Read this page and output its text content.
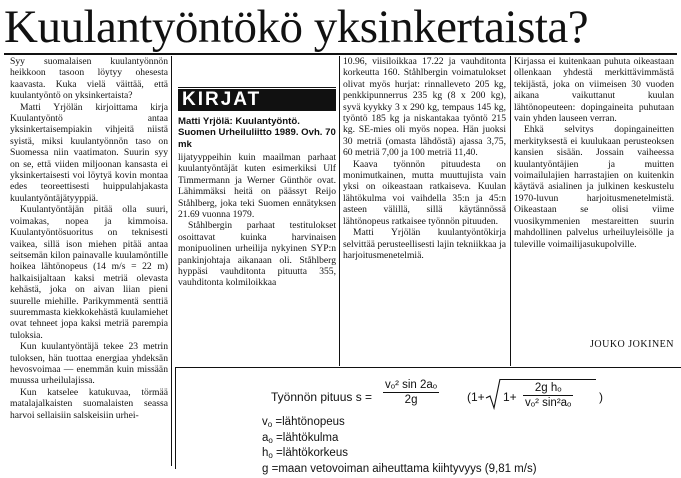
Kuulantyöntökö yksinkertaista?

Syy suomalaisen kuulantyönnön heikkoon tasoon löytyy ohesesta kaavasta. Kuka vielä väittää, että kuulantyöntö on yksinkertaista?

Matti Yrjölän kirjoittama kirja Kuulantyöntö antaa yksinkertaisempiakin vihjeitä niistä syistä, miksi kuulantyönnön taso on Suomessa niin vaatimaton. Suurin syy on se, että viiden miljoonan kansasta ei yksinkertaisesti voi löytyä kovin montaa edes teoreettisesti huippulahjakasta kuulantyöntäjätyyppiä.

Kuulantyöntäjän pitää olla suuri, voimakas, nopea ja kimmoisa. Kuulantyöntösuoritus on teknisesti vaikea, sillä ison miehen pitää antaa seitsemän kilon painavalle kuulamöntille hoikea lähtönopeus (14 m/s = 22 m) halkaisijaltaan kaksi metriä olevasta kehästä, joka on aivan liian pieni suurelle miehille. Parikymmentä senttiä suuremmasta kiekkokehästä kuulamiehet ovat tehneet jopa kaksi metriä parempia tuloksia.

Kun kuulantyöntäjä tekee 23 metrin tuloksen, hän tuottaa energiaa yhdeksän hevosvoimaa — enemmän kuin missään muussa urheilulajissa.

Kun katselee katukuvaa, törmää matalajalkaisten suomalaisten seassa harvoi sellaisiin salskeisiin urhei-

KIRJAT
Matti Yrjölä: Kuulantyöntö. Suomen Urheiluliitto 1989. Ovh. 70 mk

lijatyyppeihin kuin maailman parhaat kuulantyöntäjät kuten esimerkiksi Ulf Timmermann ja Werner Günthör ovat. Lähimmäksi heitä on päässyt Reijo Ståhlberg, joka teki Suomen ennätyksen 21.69 vuonna 1979.

Ståhlbergin parhaat testitulokset osoittavat kuinka harvinaisen monipuolinen urheilija nykyinen SYP:n pankinjohtaja aikanaan oli. Ståhlberg hyppäsi vauhditonta pituutta 355, vauhditonta kolmiloikkaa

10.96, viisiloikkaa 17.22 ja vauhditonta korkeutta 160. Ståhlbergin voimatulokset olivat myös hurjat: rinnalleveto 205 kg, penkkipunnerrus 235 kg (8 x 200 kg), syvä kyykky 3 x 290 kg, tempaus 145 kg, työntö 185 kg ja niskantakaa työntö 215 kg. SE-mies oli myös nopea. Hän juoksi 30 metriä (omasta lähdöstä) ajassa 3,75, 60 metriä 7,00 ja 100 metriä 11,40.

Kaava työnnön pituudesta on monimutkainen, mutta muuttujista vain yksi on oikeastaan ratkaiseva. Kuulan lähtökulma voi vaihdella 35:n ja 45:n asteen välillä, sillä käytännössä lähtönopeus ratkaisee työnnön pituuden.

Matti Yrjölän kuulantyöntökirja selvittää perusteellisesti lajin tekniikkaa ja harjoitusmenetelmiä.

Kirjassa ei kuitenkaan puhuta oikeastaan ollenkaan yhdestä merkittävimmästä tekijästä, joka on viimeisen 30 vuoden aikana vaikuttanut kuulan lähtönopeuteen: dopingaineita puhutaan vain yhden lauseen verran.

Ehkä selvitys dopingaineitten merkityksestä ei kuulukaan perusteoksen kansien sisään. Jossain vaiheessa kuulantyöntäjien ja muitten voimailulajien harrastajien on kuitenkin käytävä asialinen ja julkinen keskustelu 1970-luvun harjoitusmenetelmistä. Oikeastaan se olisi viime vuosikymmenien mestareitten suurin mahdollinen palvelus urheiluyleisölle ja tuleville voimailijasukupolville.

JOUKO JOKINEN
Työnnön pituus $s = \frac{\text{vₒ² sin 2aₒ}}{2g} (1+ 1+ \frac{\text{2g hₒ}}{\text{vₒ² sin²aₒ}}$ )
$v_o$ =lähtönopeus
$a_o$ =lähtökulma
$h_o$ =lähtökorkeus
g =maan vetovoiman aiheuttama kiihtyvyys (9,81 m/s)
